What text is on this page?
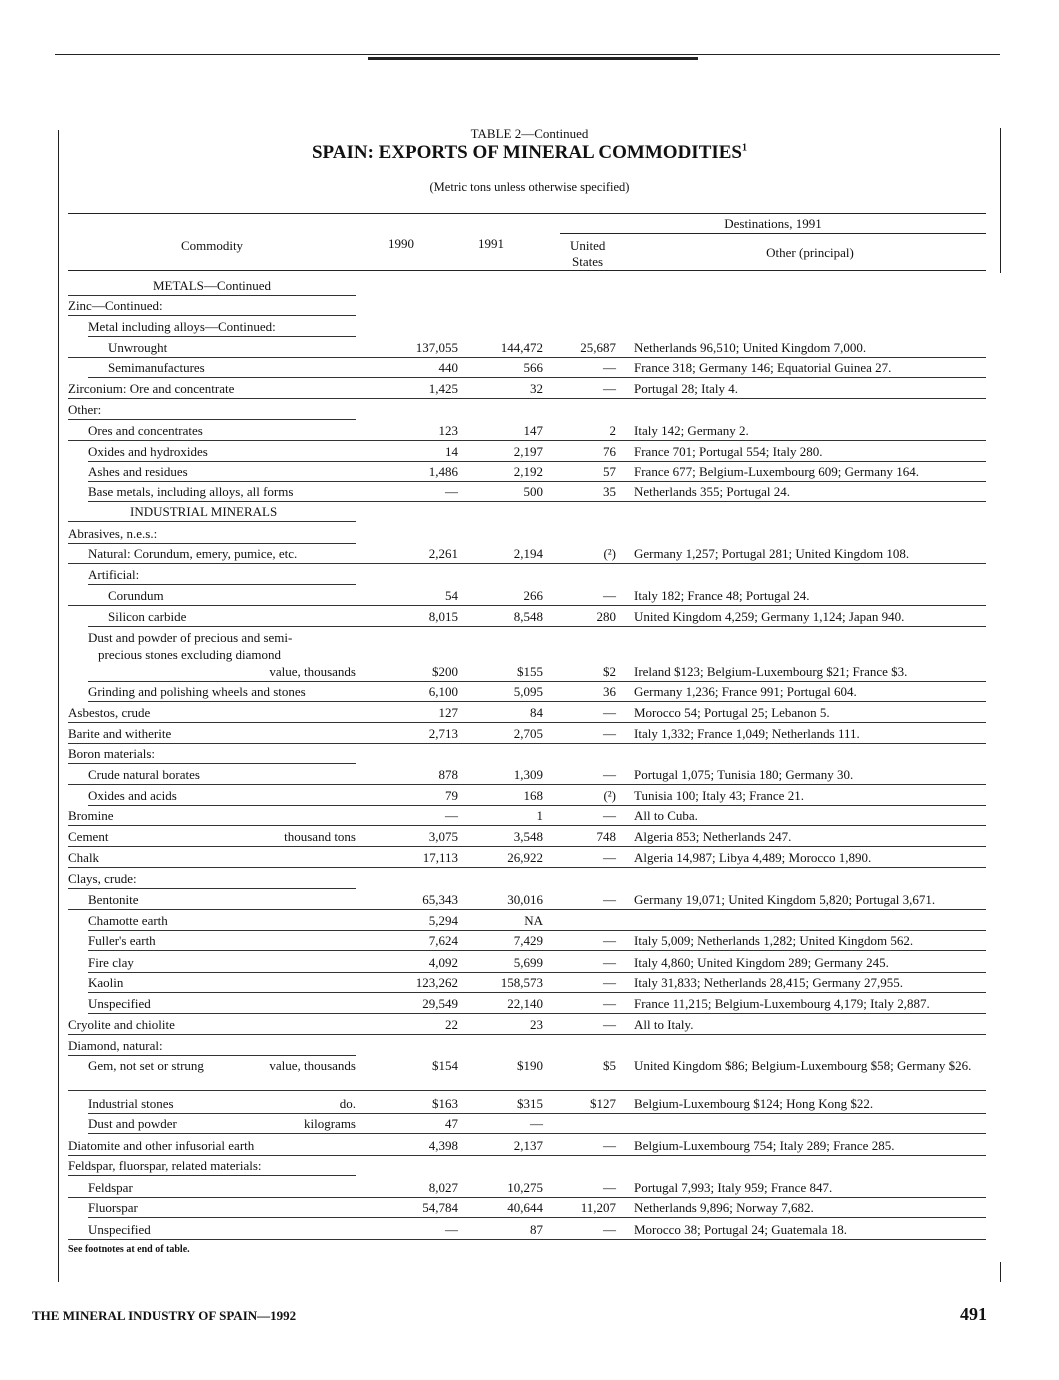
TABLE 2—Continued
SPAIN: EXPORTS OF MINERAL COMMODITIES$^1$
(Metric tons unless otherwise specified)
Commodity	1990	1991
Destinations, 1991
United
States
Other (principal)
METALS—Continued
Zinc—Continued:
Metal including alloys—Continued:
Unwrought	137,055	144,472	25,687 Netherlands 96,510; United Kingdom 7,000.
Semimanufactures	440	566	— France 318; Germany 146; Equatorial Guinea 27.
Zirconium: Ore and concentrate	1,425	32	— Portugal 28; Italy 4.
Other:
Ores and concentrates	123	147	2 Italy 142; Germany 2.
Oxides and hydroxides	14	2,197	76 France 701; Portugal 554; Italy 280.
Ashes and residues	1,486	2,192	57 France 677; Belgium-Luxembourg 609; Germany 164.
Base metals, including alloys, all forms	—	500	35 Netherlands 355; Portugal 24.
INDUSTRIAL MINERALS
Abrasives, n.e.s.:
Natural: Corundum, emery, pumice, etc.	2,261	2,194	(²) Germany 1,257; Portugal 281; United Kingdom 108.
Artificial:
Corundum	54	266	— Italy 182; France 48; Portugal 24.
Silicon carbide	8,015	8,548	280 United Kingdom 4,259; Germany 1,124; Japan 940.
Dust and powder of precious and semi-
precious stones excluding diamond
value, thousands	$200	$155	$2 Ireland $123; Belgium-Luxembourg $21; France $3.
Grinding and polishing wheels and stones	6,100	5,095	36 Germany 1,236; France 991; Portugal 604.
Asbestos, crude	127	84	— Morocco 54; Portugal 25; Lebanon 5.
Barite and witherite	2,713	2,705	— Italy 1,332; France 1,049; Netherlands 111.
Boron materials:
Crude natural borates	878	1,309	— Portugal 1,075; Tunisia 180; Germany 30.
Oxides and acids	79	168	(²) Tunisia 100; Italy 43; France 21.
Bromine	—	1	— All to Cuba.
Cement	thousand tons	3,075	3,548	748 Algeria 853; Netherlands 247.
Chalk	17,113	26,922	— Algeria 14,987; Libya 4,489; Morocco 1,890.
Clays, crude:
Bentonite	65,343	30,016	— Germany 19,071; United Kingdom 5,820; Portugal 3,671.
Chamotte earth	5,294	NA
Fuller's earth	7,624	7,429	— Italy 5,009; Netherlands 1,282; United Kingdom 562.
Fire clay	4,092	5,699	— Italy 4,860; United Kingdom 289; Germany 245.
Kaolin	123,262	158,573	— Italy 31,833; Netherlands 28,415; Germany 27,955.
Unspecified	29,549	22,140	— France 11,215; Belgium-Luxembourg 4,179; Italy 2,887.
Cryolite and chiolite	22	23	— All to Italy.
Diamond, natural:
Gem, not set or strung	value, thousands	$154	$190	$5 United Kingdom $86; Belgium-Luxembourg $58; Germany $26.
Industrial stones	do.	$163	$315	$127 Belgium-Luxembourg $124; Hong Kong $22.
Dust and powder	kilograms	47	—
Diatomite and other infusorial earth	4,398	2,137	— Belgium-Luxembourg 754; Italy 289; France 285.
Feldspar, fluorspar, related materials:
Feldspar	8,027	10,275	— Portugal 7,993; Italy 959; France 847.
Fluorspar	54,784	40,644	11,207 Netherlands 9,896; Norway 7,682.
Unspecified	—	87	— Morocco 38; Portugal 24; Guatemala 18.
See footnotes at end of table.
THE MINERAL INDUSTRY OF SPAIN—1992	491
